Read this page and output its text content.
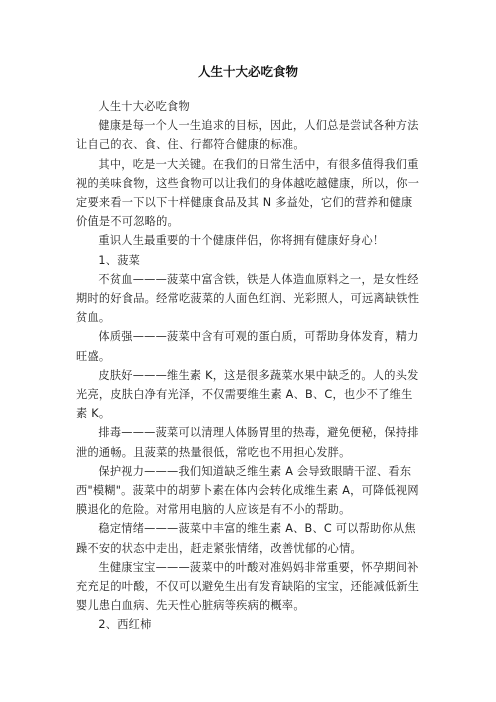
人生十大必吃食物

人生十大必吃食物

健康是每一个人一生追求的目标，因此，人们总是尝试各种方法让自己的衣、食、住、行都符合健康的标准。

其中，吃是一大关键。在我们的日常生活中，有很多值得我们重视的美味食物，这些食物可以让我们的身体越吃越健康，所以，你一定要来看一下以下十样健康食品及其 N 多益处，它们的营养和健康价值是不可忽略的。

重识人生最重要的十个健康伴侣，你将拥有健康好身心！

1、菠菜

不贫血———菠菜中富含铁，铁是人体造血原料之一，是女性经期时的好食品。经常吃菠菜的人面色红润、光彩照人，可远离缺铁性贫血。

体质强———菠菜中含有可观的蛋白质，可帮助身体发育，精力旺盛。

皮肤好———维生素 K，这是很多蔬菜水果中缺乏的。人的头发光亮，皮肤白净有光泽，不仅需要维生素 A、B、C，也少不了维生素 K。

排毒———菠菜可以清理人体肠胃里的热毒，避免便秘，保持排泄的通畅。且菠菜的热量很低，常吃也不用担心发胖。

保护视力———我们知道缺乏维生素 A 会导致眼睛干涩、看东西"模糊"。菠菜中的胡萝卜素在体内会转化成维生素 A，可降低视网膜退化的危险。对常用电脑的人应该是有不小的帮助。

稳定情绪———菠菜中丰富的维生素 A、B、C 可以帮助你从焦躁不安的状态中走出，赶走紧张情绪，改善忧郁的心情。

生健康宝宝———菠菜中的叶酸对准妈妈非常重要，怀孕期间补充充足的叶酸，不仅可以避免生出有发育缺陷的宝宝，还能减低新生婴儿患白血病、先天性心脏病等疾病的概率。

2、西红柿
